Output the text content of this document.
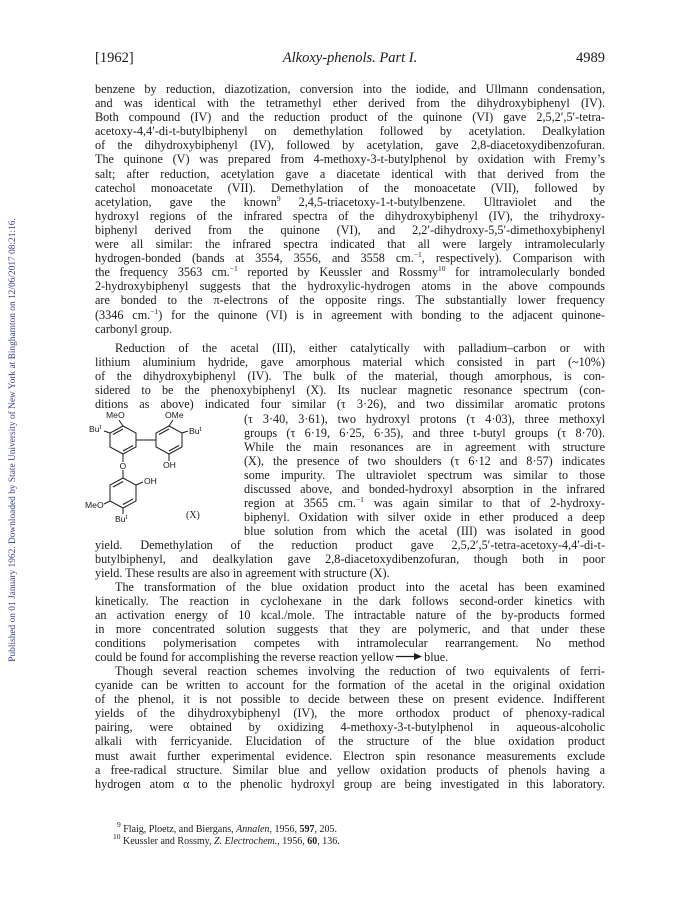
Published on 01 January 1962. Downloaded by State University of New York at Binghamton on 12/06/2017 08:21:16.
[1962]	Alkoxy-phenols. Part I.	4989
benzene by reduction, diazotization, conversion into the iodide, and Ullmann condensation,
and was identical with the tetramethyl ether derived from the dihydroxybiphenyl (IV).
Both compound (IV) and the reduction product of the quinone (VI) gave 2,5,2′,5′-tetra-
acetoxy-4,4′-di-t-butylbiphenyl on demethylation followed by acetylation. Dealkylation
of the dihydroxybiphenyl (IV), followed by acetylation, gave 2,8-diacetoxydibenzofuran.
The quinone (V) was prepared from 4-methoxy-3-t-butylphenol by oxidation with Fremy’s
salt; after reduction, acetylation gave a diacetate identical with that derived from the
catechol monoacetate (VII). Demethylation of the monoacetate (VII), followed by
acetylation, gave the known$^9$ 2,4,5-triacetoxy-1-t-butylbenzene. Ultraviolet and the
hydroxyl regions of the infrared spectra of the dihydroxybiphenyl (IV), the trihydroxy-
biphenyl derived from the quinone (VI), and 2,2′-dihydroxy-5,5′-dimethoxybiphenyl
were all similar: the infrared spectra indicated that all were largely intramolecularly
hydrogen-bonded (bands at 3554, 3556, and 3558 cm.$^{-1}$, respectively). Comparison with
the frequency 3563 cm.$^{-1}$ reported by Keussler and Rossmy$^{10}$ for intramolecularly bonded
2-hydroxybiphenyl suggests that the hydroxylic-hydrogen atoms in the above compounds
are bonded to the π-electrons of the opposite rings. The substantially lower frequency
(3346 cm.$^{-1}$) for the quinone (VI) is in agreement with bonding to the adjacent quinone-
carbonyl group.
Reduction of the acetal (III), either catalytically with palladium–carbon or with
lithium aluminium hydride, gave amorphous material which consisted in part (~10%)
of the dihydroxybiphenyl (IV). The bulk of the material, though amorphous, is con-
sidered to be the phenoxybiphenyl (X). Its nuclear magnetic resonance spectrum (con-
ditions as above) indicated four similar (τ 3·26), and two dissimilar aromatic protons
MeO	OMe
Bu$^t$	Bu$^t$
O	OH
OH
MeO
Bu$^t$	(X)
(τ 3·40, 3·61), two hydroxyl protons (τ 4·03), three methoxyl
groups (τ 6·19, 6·25, 6·35), and three t-butyl groups (τ 8·70).
While the main resonances are in agreement with structure
(X), the presence of two shoulders (τ 6·12 and 8·57) indicates
some impurity. The ultraviolet spectrum was similar to those
discussed above, and bonded-hydroxyl absorption in the infrared
region at 3565 cm.$^{-1}$ was again similar to that of 2-hydroxy-
biphenyl. Oxidation with silver oxide in ether produced a deep
blue solution from which the acetal (III) was isolated in good
yield. Demethylation of the reduction product gave 2,5,2′,5′-tetra-acetoxy-4,4′-di-t-
butylbiphenyl, and dealkylation gave 2,8-diacetoxydibenzofuran, though both in poor
yield. These results are also in agreement with structure (X).
The transformation of the blue oxidation product into the acetal has been examined
kinetically. The reaction in cyclohexane in the dark follows second-order kinetics with
an activation energy of 10 kcal./mole. The intractable nature of the by-products formed
in more concentrated solution suggests that they are polymeric, and that under these
conditions polymerisation competes with intramolecular rearrangement. No method
could be found for accomplishing the reverse reaction yellow blue.
Though several reaction schemes involving the reduction of two equivalents of ferri-
cyanide can be written to account for the formation of the acetal in the original oxidation
of the phenol, it is not possible to decide between these on present evidence. Indifferent
yields of the dihydroxybiphenyl (IV), the more orthodox product of phenoxy-radical
pairing, were obtained by oxidizing 4-methoxy-3-t-butylphenol in aqueous-alcoholic
alkali with ferricyanide. Elucidation of the structure of the blue oxidation product
must await further experimental evidence. Electron spin resonance measurements exclude
a free-radical structure. Similar blue and yellow oxidation products of phenols having a
hydrogen atom α to the phenolic hydroxyl group are being investigated in this laboratory.
$^9$ Flaig, Ploetz, and Biergans, Annalen, 1956, 597, 205.
$^{10}$ Keussler and Rossmy, Z. Electrochem., 1956, 60, 136.
